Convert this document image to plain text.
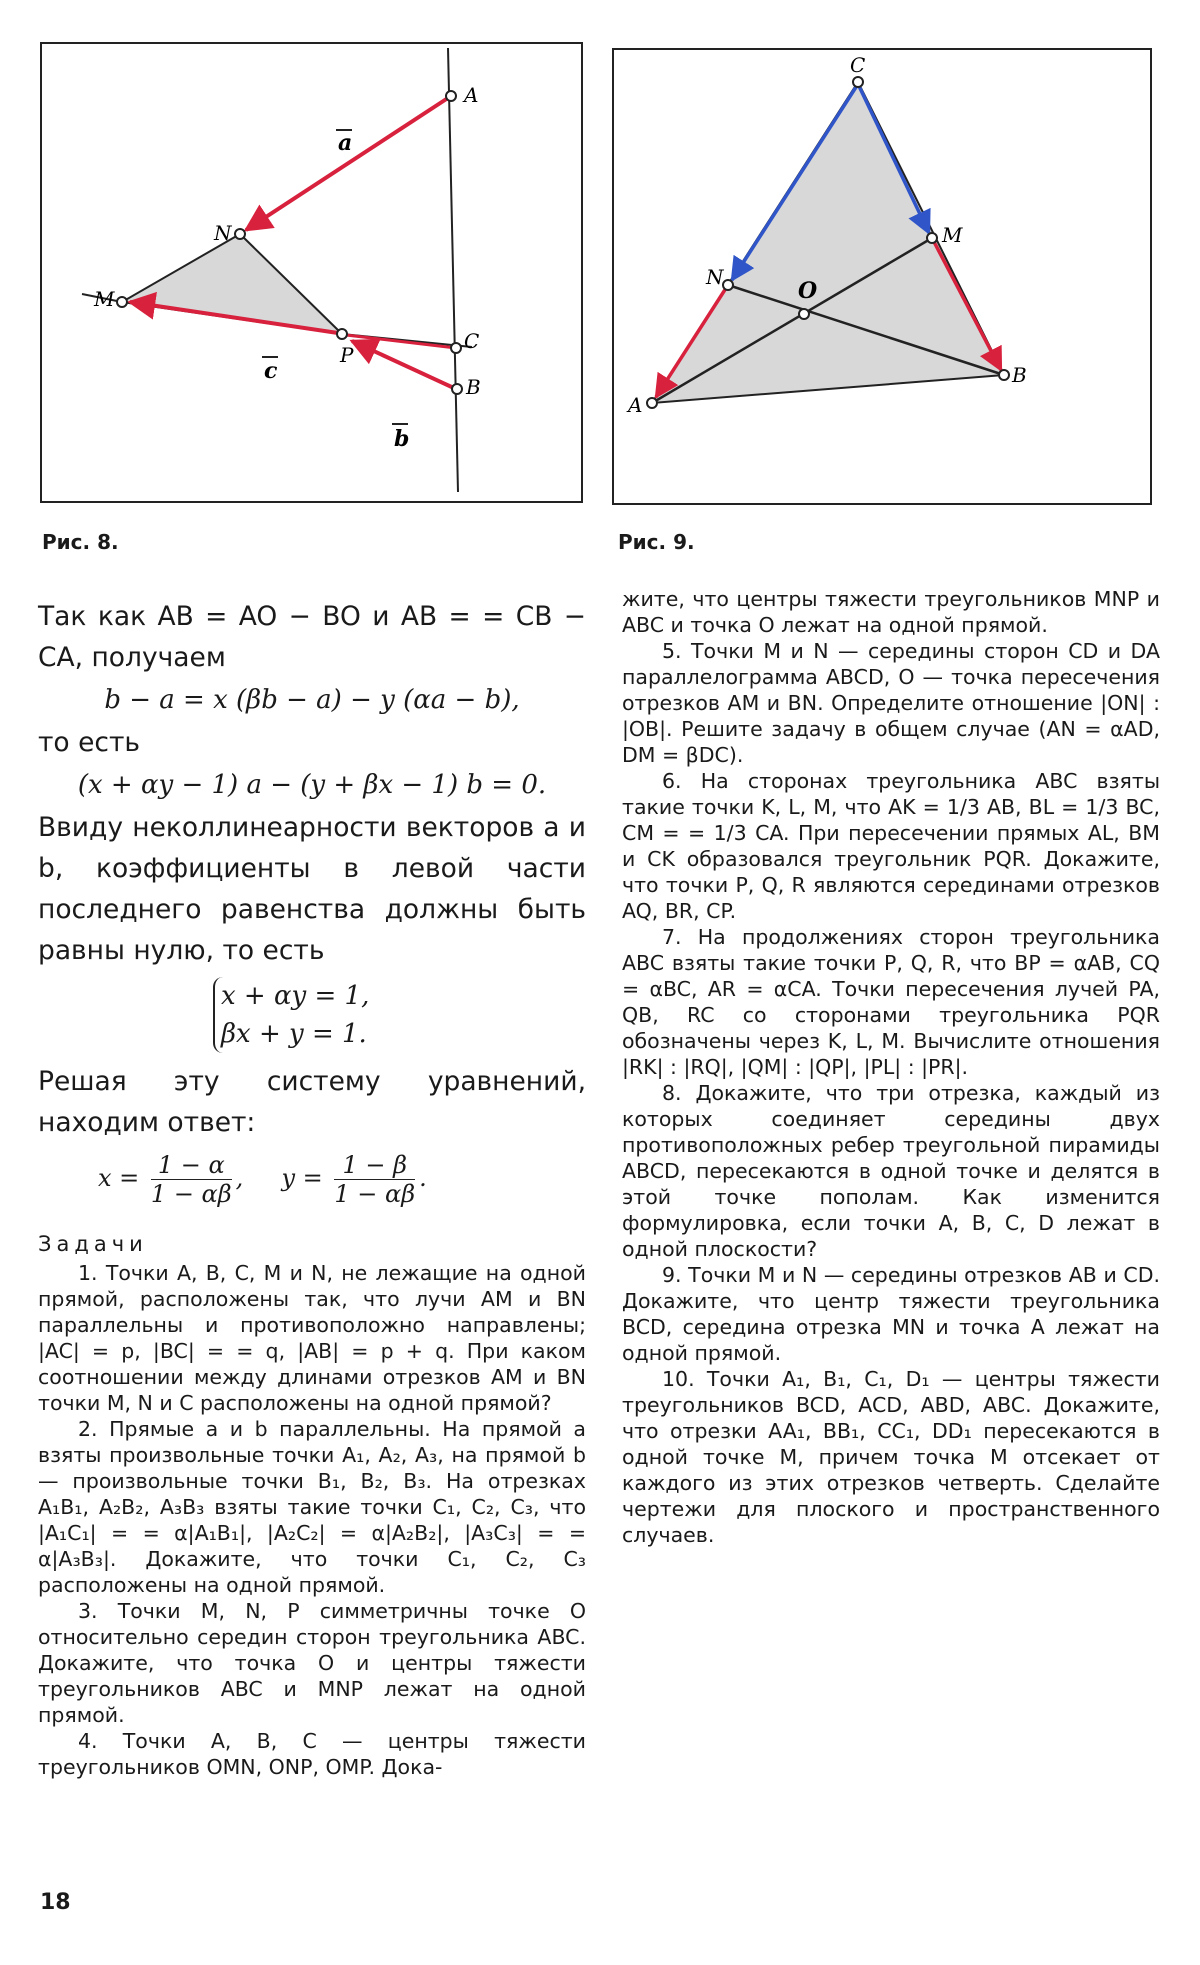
A
N
M
P
C
B
a
c
b
Рис. 8.
C
A
B
M
N
O
Рис. 9.

Так как AB = AO − BO и AB = = CB − CA, получаем

b − a = x (βb − a) − y (αa − b),

то есть

(x + αy − 1) a − (y + βx − 1) b = 0.

Ввиду неколлинеарности векторов a и b, коэффициенты в левой части последнего равенства должны быть равны нулю, то есть

x + αy = 1,
βx + y = 1.

Решая эту систему уравнений, находим ответ:

$x = \frac{1 - \alpha}{1 - \alpha\beta}$ , $y = \frac{1 - \beta}{1 - \alpha\beta}$ .
Задачи

1. Точки A, B, C, M и N, не лежащие на одной прямой, расположены так, что лучи AM и BN параллельны и противоположно направлены; |AC| = p, |BC| = = q, |AB| = p + q. При каком соотношении между длинами отрезков AM и BN точки M, N и C расположены на одной прямой?

2. Прямые a и b параллельны. На прямой a взяты произвольные точки A₁, A₂, A₃, на прямой b — произвольные точки B₁, B₂, B₃. На отрезках A₁B₁, A₂B₂, A₃B₃ взяты такие точки C₁, C₂, C₃, что |A₁C₁| = = α|A₁B₁|, |A₂C₂| = α|A₂B₂|, |A₃C₃| = = α|A₃B₃|. Докажите, что точки C₁, C₂, C₃ расположены на одной прямой.

3. Точки M, N, P симметричны точке O относительно середин сторон треугольника ABC. Докажите, что точка O и центры тяжести треугольников ABC и MNP лежат на одной прямой.

4. Точки A, B, C — центры тяжести треугольников OMN, ONP, OMP. Дока-

жите, что центры тяжести треугольников MNP и ABC и точка O лежат на одной прямой.

5. Точки M и N — середины сторон CD и DA параллелограмма ABCD, O — точка пересечения отрезков AM и BN. Определите отношение |ON| : |OB|. Решите задачу в общем случае (AN = αAD, DM = βDC).

6. На сторонах треугольника ABC взяты такие точки K, L, M, что AK = 1/3 AB, BL = 1/3 BC, CM = = 1/3 CA. При пересечении прямых AL, BM и CK образовался треугольник PQR. Докажите, что точки P, Q, R являются серединами отрезков AQ, BR, CP.

7. На продолжениях сторон треугольника ABC взяты такие точки P, Q, R, что BP = αAB, CQ = αBC, AR = αCA. Точки пересечения лучей PA, QB, RC со сторонами треугольника PQR обозначены через K, L, M. Вычислите отношения |RK| : |RQ|, |QM| : |QP|, |PL| : |PR|.

8. Докажите, что три отрезка, каждый из которых соединяет середины двух противоположных ребер треугольной пирамиды ABCD, пересекаются в одной точке и делятся в этой точке пополам. Как изменится формулировка, если точки A, B, C, D лежат в одной плоскости?

9. Точки M и N — середины отрезков AB и CD. Докажите, что центр тяжести треугольника BCD, середина отрезка MN и точка A лежат на одной прямой.

10. Точки A₁, B₁, C₁, D₁ — центры тяжести треугольников BCD, ACD, ABD, ABC. Докажите, что отрезки AA₁, BB₁, CC₁, DD₁ пересекаются в одной точке M, причем точка M отсекает от каждого из этих отрезков четверть. Сделайте чертежи для плоского и пространственного случаев.

18
